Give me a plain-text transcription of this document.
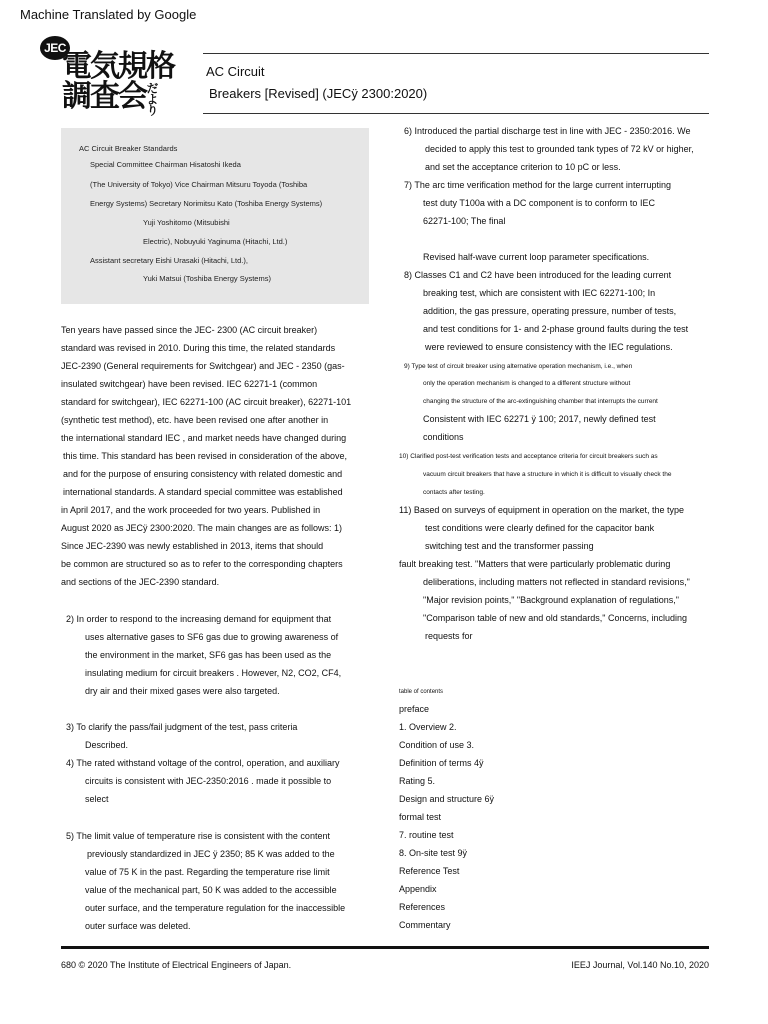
Machine Translated by Google
JEC
電気規格
調査会だより
AC Circuit
Breakers [Revised] (JECÿ 2300:2020)
AC Circuit Breaker Standards
Special Committee Chairman Hisatoshi Ikeda
(The University of Tokyo) Vice Chairman Mitsuru Toyoda (Toshiba
Energy Systems) Secretary Norimitsu Kato (Toshiba Energy Systems)
Yuji Yoshitomo (Mitsubishi
Electric), Nobuyuki Yaginuma (Hitachi, Ltd.)
Assistant secretary Eishi Urasaki (Hitachi, Ltd.),
Yuki Matsui (Toshiba Energy Systems)
Ten years have passed since the JEC- 2300 (AC circuit breaker)
standard was revised in 2010. During this time, the related standards
JEC-2390 (General requirements for Switchgear) and JEC - 2350 (gas-
insulated switchgear) have been revised. IEC 62271-1 (common
standard for switchgear), IEC 62271-100 (AC circuit breaker), 62271-101
(synthetic test method), etc. have been revised one after another in
the international standard IEC , and market needs have changed during
this time. This standard has been revised in consideration of the above,
and for the purpose of ensuring consistency with related domestic and
international standards. A standard special committee was established
in April 2017, and the work proceeded for two years. Published in
August 2020 as JECÿ 2300:2020. The main changes are as follows: 1)
Since JEC-2390 was newly established in 2013, items that should
be common are structured so as to refer to the corresponding chapters
and sections of the JEC-2390 standard.
2) In order to respond to the increasing demand for equipment that
uses alternative gases to SF6 gas due to growing awareness of
the environment in the market, SF6 gas has been used as the
insulating medium for circuit breakers . However, N2, CO2, CF4,
dry air and their mixed gases were also targeted.
3) To clarify the pass/fail judgment of the test, pass criteria
Described.
4) The rated withstand voltage of the control, operation, and auxiliary
circuits is consistent with JEC-2350:2016 . made it possible to
select
5) The limit value of temperature rise is consistent with the content
previously standardized in JEC ÿ 2350; 85 K was added to the
value of 75 K in the past. Regarding the temperature rise limit
value of the mechanical part, 50 K was added to the accessible
outer surface, and the temperature regulation for the inaccessible
outer surface was deleted.
6) Introduced the partial discharge test in line with JEC - 2350:2016. We
decided to apply this test to grounded tank types of 72 kV or higher,
and set the acceptance criterion to 10 pC or less.
7) The arc time verification method for the large current interrupting
test duty T100a with a DC component is to conform to IEC
62271-100; The final
Revised half-wave current loop parameter specifications.
8) Classes C1 and C2 have been introduced for the leading current
breaking test, which are consistent with IEC 62271-100; In
addition, the gas pressure, operating pressure, number of tests,
and test conditions for 1- and 2-phase ground faults during the test
were reviewed to ensure consistency with the IEC regulations.
9) Type test of circuit breaker using alternative operation mechanism, i.e., when
only the operation mechanism is changed to a different structure without
changing the structure of the arc-extinguishing chamber that interrupts the current
Consistent with IEC 62271 ÿ 100; 2017, newly defined test
conditions
10) Clarified post-test verification tests and acceptance criteria for circuit breakers such as
vacuum circuit breakers that have a structure in which it is difficult to visually check the
contacts after testing.
11) Based on surveys of equipment in operation on the market, the type
test conditions were clearly defined for the capacitor bank
switching test and the transformer passing
fault breaking test. "Matters that were particularly problematic during
deliberations, including matters not reflected in standard revisions,"
"Major revision points," "Background explanation of regulations,"
"Comparison table of new and old standards," Concerns, including
requests for
table of contents
preface
1. Overview 2.
Condition of use 3.
Definition of terms 4ÿ
Rating 5.
Design and structure 6ÿ
formal test
7. routine test
8. On-site test 9ÿ
Reference Test
Appendix
References
Commentary
680 © 2020 The Institute of Electrical Engineers of Japan.	IEEJ Journal, Vol.140 No.10, 2020
